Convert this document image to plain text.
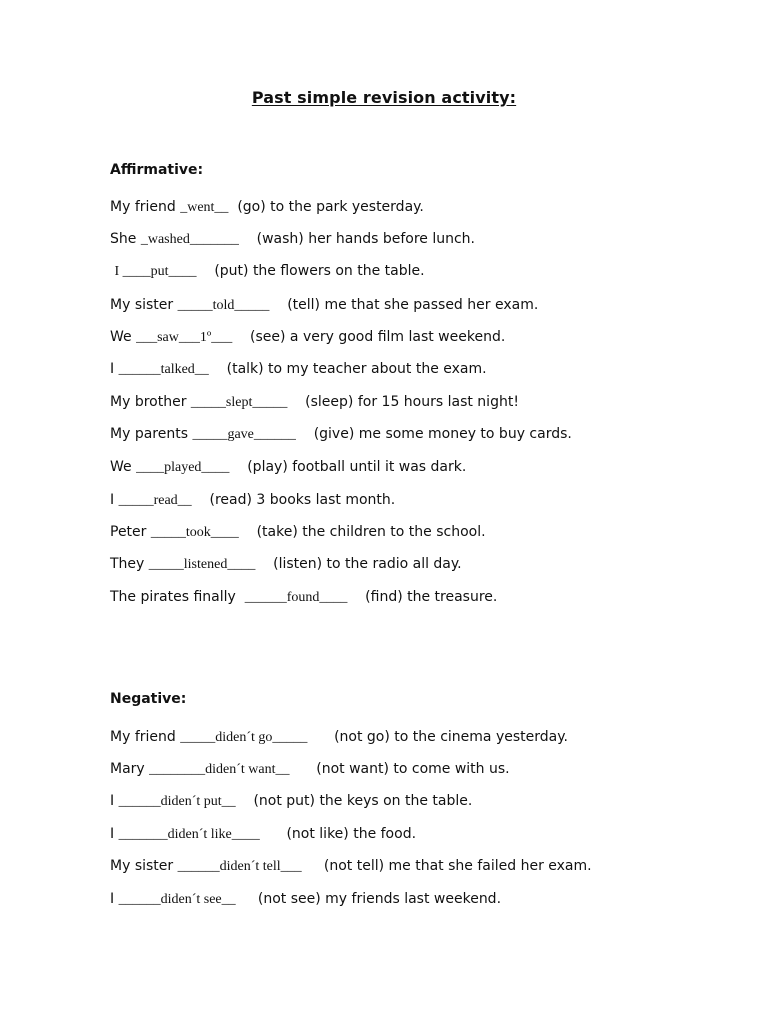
Past simple revision activity:
Affirmative:
My friend _went__  (go) to the park yesterday.
She _washed_______    (wash) her hands before lunch.
I ____put____    (put) the flowers on the table.
My sister _____told_____    (tell) me that she passed her exam.
We ___saw___1º___    (see) a very good film last weekend.
I ______talked__    (talk) to my teacher about the exam.
My brother _____slept_____    (sleep) for 15 hours last night!
My parents _____gave______    (give) me some money to buy cards.
We ____played____    (play) football until it was dark.
I _____read__    (read) 3 books last month.
Peter _____took____    (take) the children to the school.
They _____listened____    (listen) to the radio all day.
The pirates finally  ______found____    (find) the treasure.
Negative:
My friend _____diden´t go_____      (not go) to the cinema yesterday.
Mary ________diden´t want__      (not want) to come with us.
I ______diden´t put__    (not put) the keys on the table.
I _______diden´t like____      (not like) the food.
My sister ______diden´t tell___     (not tell) me that she failed her exam.
I ______diden´t see__     (not see) my friends last weekend.
